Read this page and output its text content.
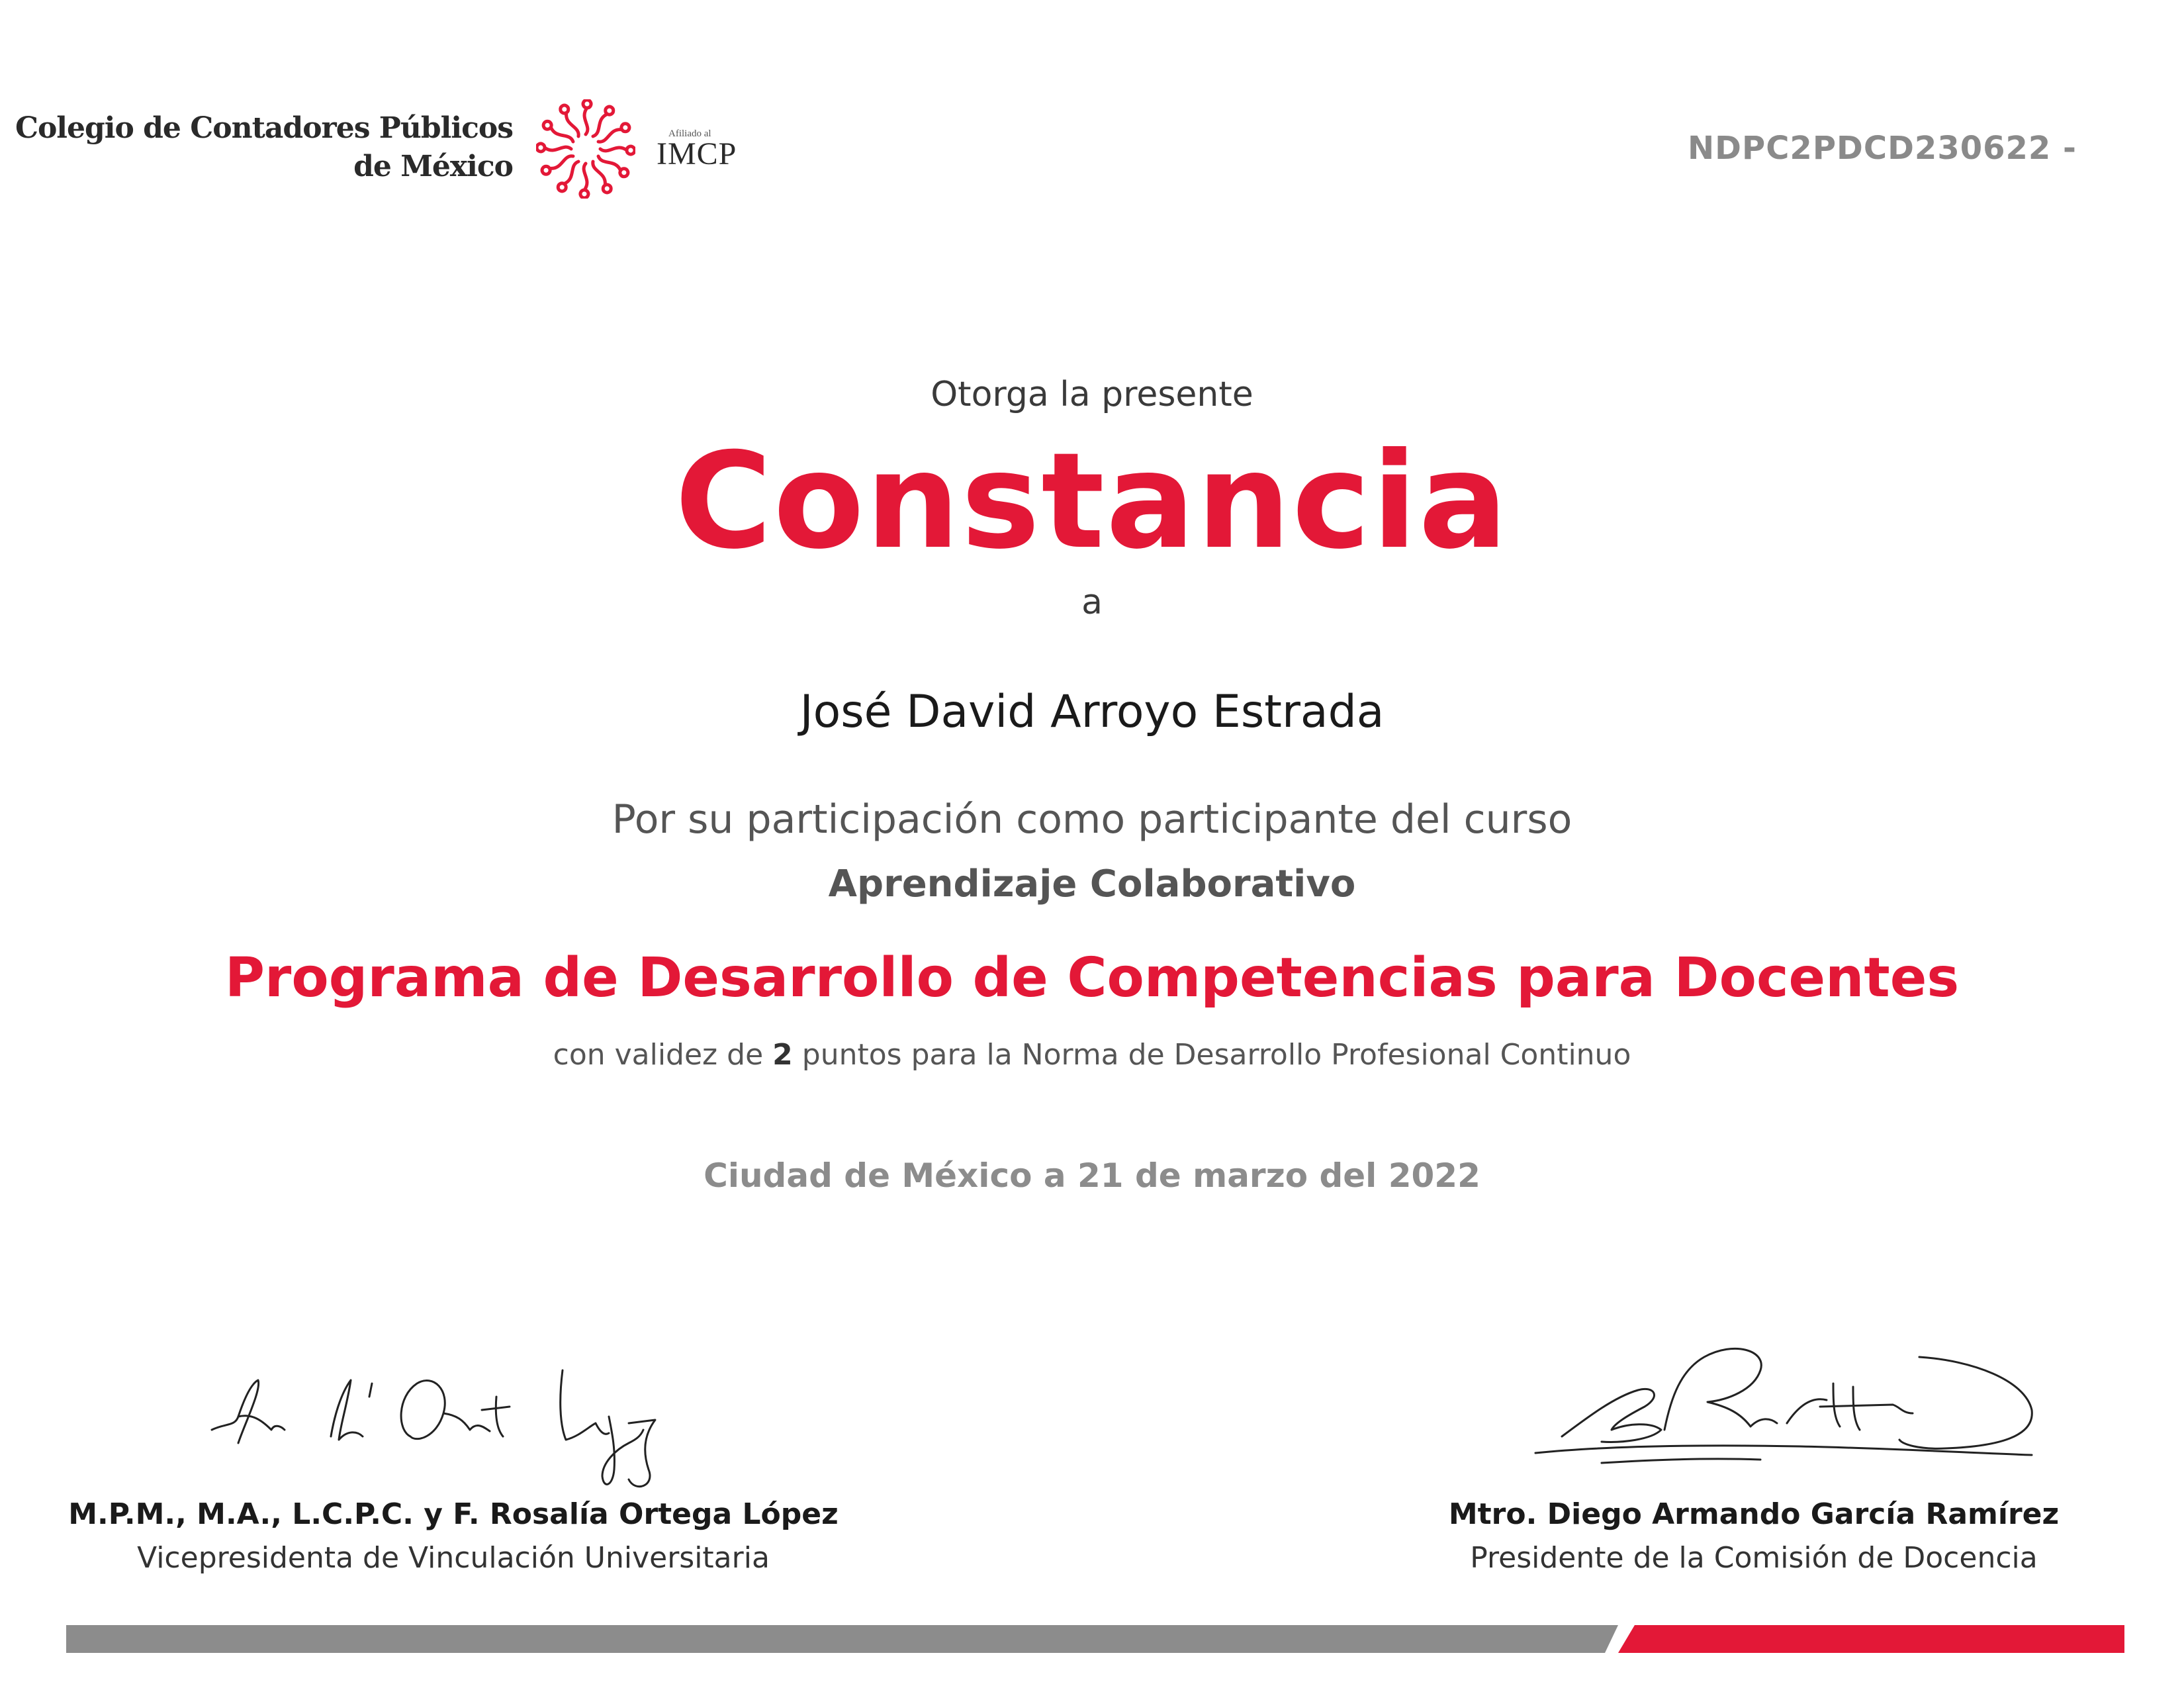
Colegio de Contadores Públicos
de México
Afiliado al
IMCP	NDPC2PDCD230622 -
Otorga la presente
Constancia
a
José David Arroyo Estrada
Por su participación como participante del curso
Aprendizaje Colaborativo
Programa de Desarrollo de Competencias para Docentes
con validez de 2 puntos para la Norma de Desarrollo Profesional Continuo
Ciudad de México a 21 de marzo del 2022
M.P.M., M.A., L.C.P.C. y F. Rosalía Ortega López
Vicepresidenta de Vinculación Universitaria
Mtro. Diego Armando García Ramírez
Presidente de la Comisión de Docencia
